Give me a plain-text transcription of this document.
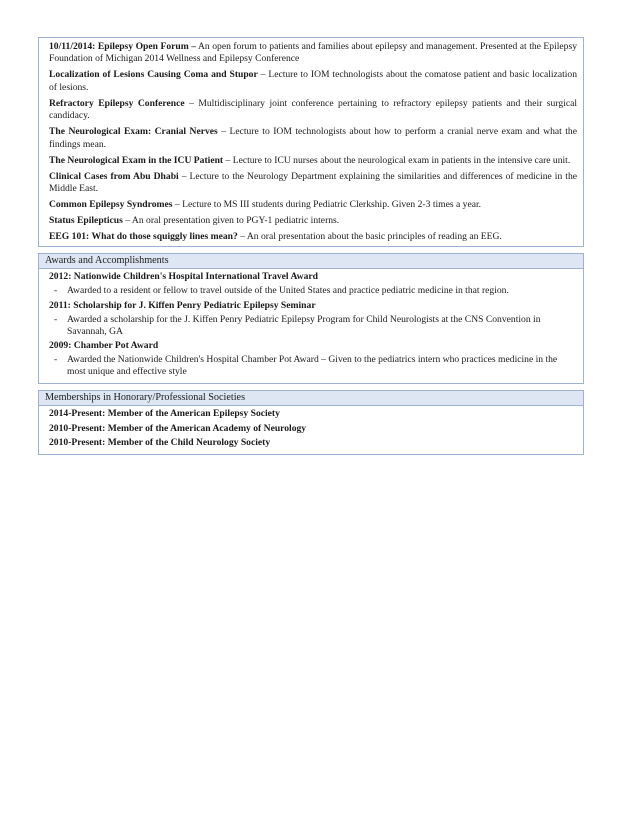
10/11/2014: Epilepsy Open Forum – An open forum to patients and families about epilepsy and management. Presented at the Epilepsy Foundation of Michigan 2014 Wellness and Epilepsy Conference
Localization of Lesions Causing Coma and Stupor – Lecture to IOM technologists about the comatose patient and basic localization of lesions.
Refractory Epilepsy Conference – Multidisciplinary joint conference pertaining to refractory epilepsy patients and their surgical candidacy.
The Neurological Exam: Cranial Nerves – Lecture to IOM technologists about how to perform a cranial nerve exam and what the findings mean.
The Neurological Exam in the ICU Patient – Lecture to ICU nurses about the neurological exam in patients in the intensive care unit.
Clinical Cases from Abu Dhabi – Lecture to the Neurology Department explaining the similarities and differences of medicine in the Middle East.
Common Epilepsy Syndromes – Lecture to MS III students during Pediatric Clerkship. Given 2-3 times a year.
Status Epilepticus – An oral presentation given to PGY-1 pediatric interns.
EEG 101: What do those squiggly lines mean? – An oral presentation about the basic principles of reading an EEG.
Awards and Accomplishments
2012: Nationwide Children's Hospital International Travel Award
- Awarded to a resident or fellow to travel outside of the United States and practice pediatric medicine in that region.
2011: Scholarship for J. Kiffen Penry Pediatric Epilepsy Seminar
- Awarded a scholarship for the J. Kiffen Penry Pediatric Epilepsy Program for Child Neurologists at the CNS Convention in Savannah, GA
2009: Chamber Pot Award
- Awarded the Nationwide Children's Hospital Chamber Pot Award – Given to the pediatrics intern who practices medicine in the most unique and effective style
Memberships in Honorary/Professional Societies
2014-Present: Member of the American Epilepsy Society
2010-Present: Member of the American Academy of Neurology
2010-Present: Member of the Child Neurology Society
